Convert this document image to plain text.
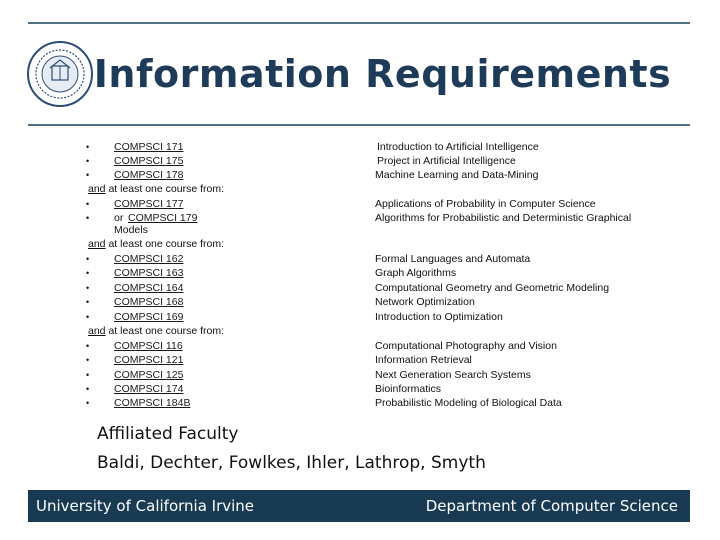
Information Requirements
• COMPSCI 171	Introduction to Artificial Intelligence
• COMPSCI 175	Project in Artificial Intelligence
• COMPSCI 178	Machine Learning and Data-Mining
and at least one course from:
• COMPSCI 177	Applications of Probability in Computer Science
• or COMPSCI 179	Algorithms for Probabilistic and Deterministic Graphical
Models
and at least one course from:
• COMPSCI 162	Formal Languages and Automata
• COMPSCI 163	Graph Algorithms
• COMPSCI 164	Computational Geometry and Geometric Modeling
• COMPSCI 168	Network Optimization
• COMPSCI 169	Introduction to Optimization
and at least one course from:
• COMPSCI 116	Computational Photography and Vision
• COMPSCI 121	Information Retrieval
• COMPSCI 125	Next Generation Search Systems
• COMPSCI 174	Bioinformatics
• COMPSCI 184B	Probabilistic Modeling of Biological Data
Affiliated Faculty
Baldi, Dechter, Fowlkes, Ihler, Lathrop, Smyth
University of California Irvine	Department of Computer Science
